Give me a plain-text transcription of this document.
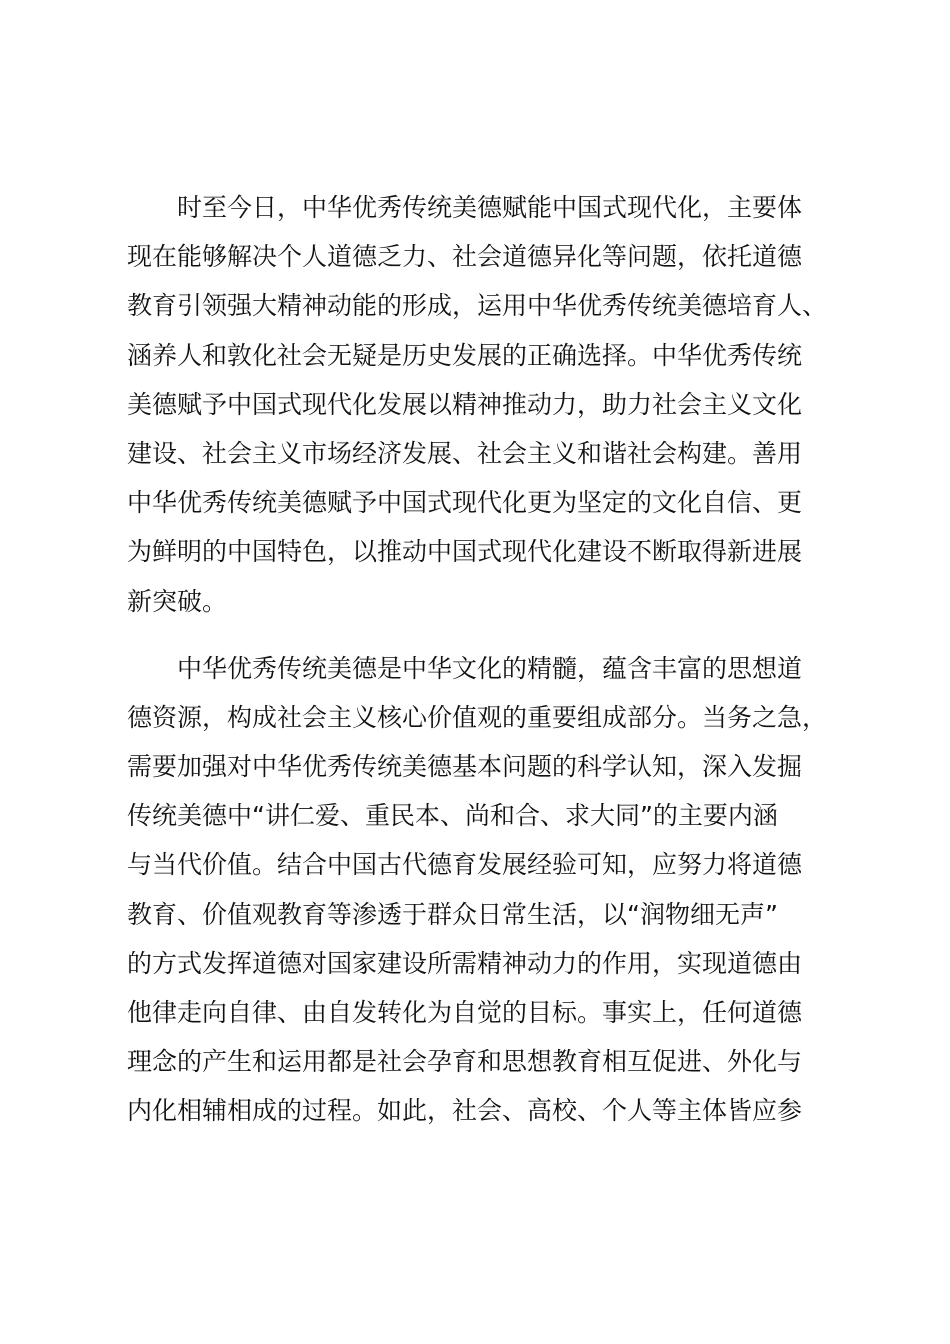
　　时至今日，中华优秀传统美德赋能中国式现代化，主要体
现在能够解决个人道德乏力、社会道德异化等问题，依托道德
教育引领强大精神动能的形成，运用中华优秀传统美德培育人、
涵养人和敦化社会无疑是历史发展的正确选择。中华优秀传统
美德赋予中国式现代化发展以精神推动力，助力社会主义文化
建设、社会主义市场经济发展、社会主义和谐社会构建。善用
中华优秀传统美德赋予中国式现代化更为坚定的文化自信、更
为鲜明的中国特色，以推动中国式现代化建设不断取得新进展
新突破。
　　中华优秀传统美德是中华文化的精髓，蕴含丰富的思想道
德资源，构成社会主义核心价值观的重要组成部分。当务之急，
需要加强对中华优秀传统美德基本问题的科学认知，深入发掘
传统美德中“讲仁爱、重民本、尚和合、求大同”的主要内涵
与当代价值。结合中国古代德育发展经验可知，应努力将道德
教育、价值观教育等渗透于群众日常生活，以“润物细无声”
的方式发挥道德对国家建设所需精神动力的作用，实现道德由
他律走向自律、由自发转化为自觉的目标。事实上，任何道德
理念的产生和运用都是社会孕育和思想教育相互促进、外化与
内化相辅相成的过程。如此，社会、高校、个人等主体皆应参
